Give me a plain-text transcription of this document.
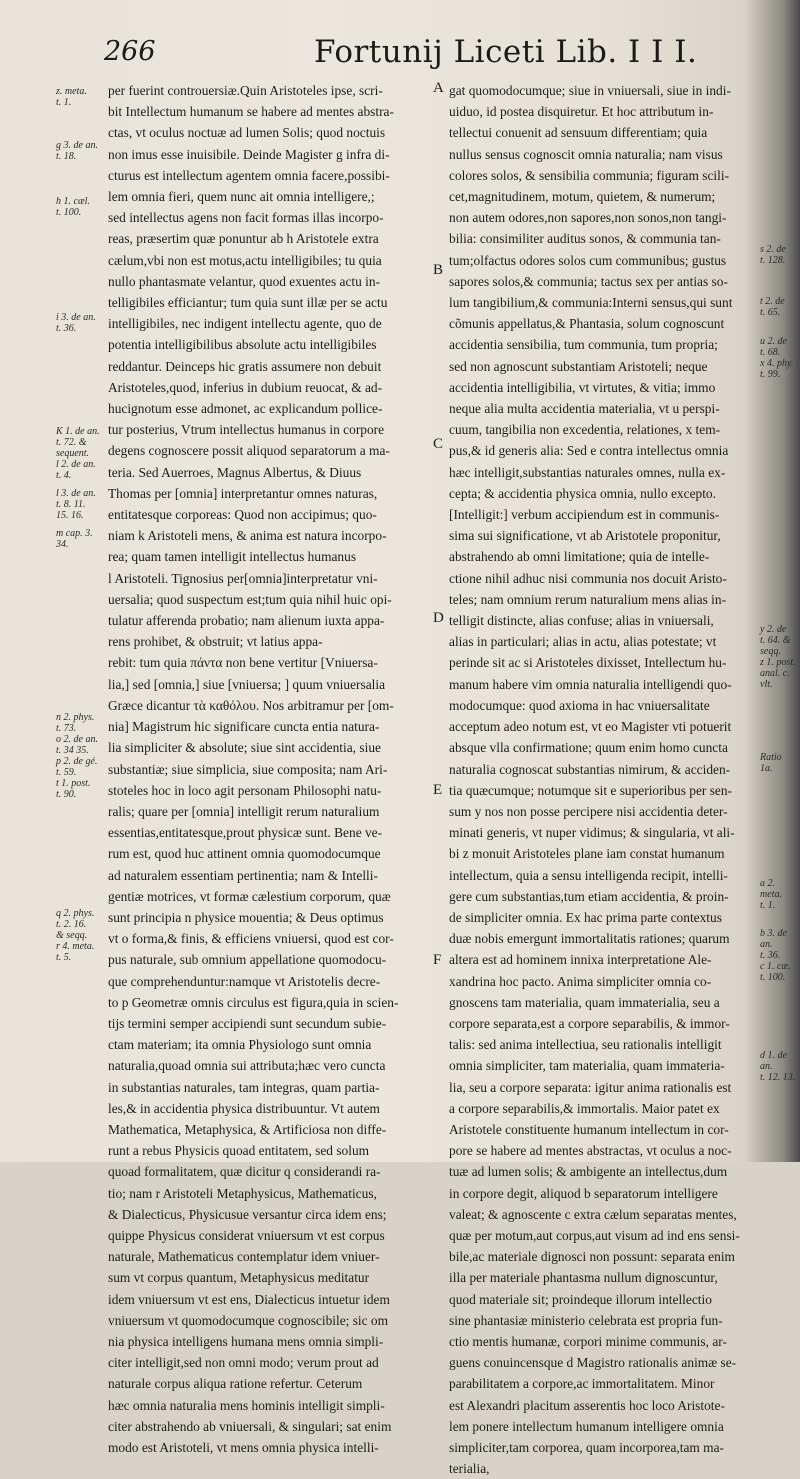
266	Fortunij Liceti Lib. I I I.
per fuerint controuersiæ.Quin Aristoteles ipse, scri-
bit Intellectum humanum se habere ad mentes abstra-
ctas, vt oculus noctuæ ad lumen Solis; quod noctuis
non imus esse inuisibile. Deinde Magister g infra di-
cturus est intellectum agentem omnia facere,possibi-
lem omnia fieri, quem nunc ait omnia intelligere,;
sed intellectus agens non facit formas illas incorpo-
reas, præsertim quæ ponuntur ab h Aristotele extra
cælum,vbi non est motus,actu intelligibiles; tu quia
nullo phantasmate velantur, quod exuentes actu in-
telligibiles efficiantur; tum quia sunt illæ per se actu
intelligibiles, nec indigent intellectu agente, quo de
potentia intelligibilibus absolute actu intelligibiles
reddantur. Deinceps hic gratis assumere non debuit
Aristoteles,quod, inferius in dubium reuocat, & ad-
hucignotum esse admonet, ac explicandum pollice-
tur posterius, Vtrum intellectus humanus in corpore
degens cognoscere possit aliquod separatorum a ma-
teria. Sed Auerroes, Magnus Albertus, & Diuus
Thomas per [omnia] interpretantur omnes naturas,
entitatesque corporeas: Quod non accipimus; quo-
niam k Aristoteli mens, & anima est natura incorpo-
rea; quam tamen intelligit intellectus humanus
l Aristoteli. Tignosius per[omnia]interpretatur vni-
uersalia; quod suspectum est;tum quia nihil huic opi-
tulatur afferenda probatio; nam alienum iuxta appa-
rens prohibet, & obstruit; vt latius appa-
rebit: tum quia πάντα non bene vertitur [Vniuersa-
lia,] sed [omnia,] siue [vniuersa; ] quum vniuersalia
Græce dicantur τὰ καθόλου. Nos arbitramur per [om-
nia] Magistrum hic significare cuncta entia natura-
lia simpliciter & absolute; siue sint accidentia, siue
substantiæ; siue simplicia, siue composita; nam Ari-
stoteles hoc in loco agit personam Philosophi natu-
ralis; quare per [omnia] intelligit rerum naturalium
essentias,entitatesque,prout physicæ sunt. Bene ve-
rum est, quod huc attinent omnia quomodocumque
ad naturalem essentiam pertinentia; nam & Intelli-
gentiæ motrices, vt formæ cælestium corporum, quæ
sunt principia n physice mouentia; & Deus optimus
vt o forma,& finis, & efficiens vniuersi, quod est cor-
pus naturale, sub omnium appellatione quomodocu-
que comprehenduntur:namque vt Aristotelis decre-
to p Geometræ omnis circulus est figura,quia in scien-
tijs termini semper accipiendi sunt secundum subie-
ctam materiam; ita omnia Physiologo sunt omnia
naturalia,quoad omnia sui attributa;hæc vero cuncta
in substantias naturales, tam integras, quam partia-
les,& in accidentia physica distribuuntur. Vt autem
Mathematica, Metaphysica, & Artificiosa non diffe-
runt a rebus Physicis quoad entitatem, sed solum
quoad formalitatem, quæ dicitur q considerandi ra-
tio; nam r Aristoteli Metaphysicus, Mathematicus,
& Dialecticus, Physicusue versantur circa idem ens;
quippe Physicus considerat vniuersum vt est corpus
naturale, Mathematicus contemplatur idem vniuer-
sum vt corpus quantum, Metaphysicus meditatur
idem vniuersum vt est ens, Dialecticus intuetur idem
vniuersum vt quomodocumque cognoscibile; sic om
nia physica intelligens humana mens omnia simpli-
citer intelligit,sed non omni modo; verum prout ad
naturale corpus aliqua ratione refertur. Ceterum
hæc omnia naturalia mens hominis intelligit simpli-
citer abstrahendo ab vniuersali, & singulari; sat enim
modo est Aristoteli, vt mens omnia physica intelli-
gat quomodocumque; siue in vniuersali, siue in indi-
uiduo, id postea disquiretur. Et hoc attributum in-
tellectui conuenit ad sensuum differentiam; quia
nullus sensus cognoscit omnia naturalia; nam visus
colores solos, & sensibilia communia; figuram scili-
cet,magnitudinem, motum, quietem, & numerum;
non autem odores,non sapores,non sonos,non tangi-
bilia: consimiliter auditus sonos, & communia tan-
tum;olfactus odores solos cum communibus; gustus
sapores solos,& communia; tactus sex per antias so-
lum tangibilium,& communia:Interni sensus,qui sunt
cõmunis appellatus,& Phantasia, solum cognoscunt
accidentia sensibilia, tum communia, tum propria;
sed non agnoscunt substantiam Aristoteli; neque
accidentia intelligibilia, vt virtutes, & vitia; immo
neque alia multa accidentia materialia, vt u perspi-
cuum, tangibilia non excedentia, relationes, x tem-
pus,& id generis alia: Sed e contra intellectus omnia
hæc intelligit,substantias naturales omnes, nulla ex-
cepta; & accidentia physica omnia, nullo excepto.
[Intelligit:] verbum accipiendum est in communis-
sima sui significatione, vt ab Aristotele proponitur,
abstrahendo ab omni limitatione; quia de intelle-
ctione nihil adhuc nisi communia nos docuit Aristo-
teles; nam omnium rerum naturalium mens alias in-
telligit distincte, alias confuse; alias in vniuersali,
alias in particulari; alias in actu, alias potestate; vt
perinde sit ac si Aristoteles dixisset, Intellectum hu-
manum habere vim omnia naturalia intelligendi quo-
modocumque: quod axioma in hac vniuersalitate
acceptum adeo notum est, vt eo Magister vti potuerit
absque vlla confirmatione; quum enim homo cuncta
naturalia cognoscat substantias nimirum, & acciden-
tia quæcumque; notumque sit e superioribus per sen-
sum y nos non posse percipere nisi accidentia deter-
minati generis, vt nuper vidimus; & singularia, vt ali-
bi z monuit Aristoteles plane iam constat humanum
intellectum, quia a sensu intelligenda recipit, intelli-
gere cum substantias,tum etiam accidentia, & proin-
de simpliciter omnia. Ex hac prima parte contextus
duæ nobis emergunt immortalitatis rationes; quarum
altera est ad hominem innixa interpretatione Ale-
xandrina hoc pacto. Anima simpliciter omnia co-
gnoscens tam materialia, quam immaterialia, seu a
corpore separata,est a corpore separabilis, & immor-
talis: sed anima intellectiua, seu rationalis intelligit
omnia simpliciter, tam materialia, quam immateria-
lia, seu a corpore separata: igitur anima rationalis est
a corpore separabilis,& immortalis. Maior patet ex
Aristotele constituente humanum intellectum in cor-
pore se habere ad mentes abstractas, vt oculus a noc-
tuæ ad lumen solis; & ambigente an intellectus,dum
in corpore degit, aliquod b separatorum intelligere
valeat; & agnoscente c extra cælum separatas mentes,
quæ per motum,aut corpus,aut visum ad ind ens sensi-
bile,ac materiale dignosci non possunt: separata enim
illa per materiale phantasma nullum dignoscuntur,
quod materiale sit; proindeque illorum intellectio
sine phantasiæ ministerio celebrata est propria fun-
ctio mentis humanæ, corpori minime communis, ar-
guens conuincensque d Magistro rationalis animæ se-
parabilitatem a corpore,ac immortalitatem. Minor
est Alexandri placitum asserentis hoc loco Aristote-
lem ponere intellectum humanum intelligere omnia
simpliciter,tam corporea, quam incorporea,tam ma-
terialia,
A
B
C
D
E
F
z. meta.
t. 1.
g 3. de an.
t. 18.
h 1. cæl.
t. 100.
i 3. de an.
t. 36.
K 1. de an.
t. 72. &
sequent.
l 2. de an.
t. 4.
l 3. de an.
t. 8. 11.
15. 16.
m cap. 3.
34.
n 2. phys.
t. 73.
o 2. de an.
t. 34 35.
p 2. de gé.
t. 59.
t 1. post.
t. 90.
q 2. phys.
t. 2. 16.
& seqq.
r 4. meta.
t. 5.
s 2. de
t. 128.
t 2. de
t. 65.
u 2. de
t. 68.
x 4. phy.
t. 99.
y 2. de
t. 64. &
seqq.
z 1. post.
anal. c.
vlt.
Ratio 1a.
a 2. meta.
t. 1.
b 3. de an.
t. 36.
c 1. cæ.
t. 100.
d 1. de an.
t. 12. 13.
